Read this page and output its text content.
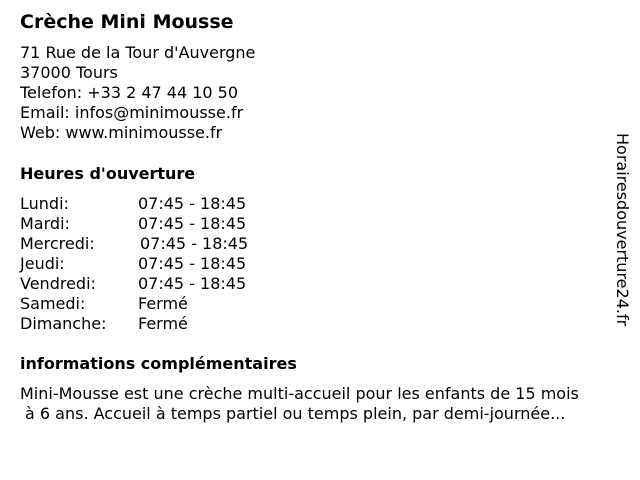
Crèche Mini Mousse
71 Rue de la Tour d'Auvergne
37000 Tours
Telefon: +33 2 47 44 10 50
Email: infos@minimousse.fr
Web: www.minimousse.fr
Heures d'ouverture
Lundi:	07:45 - 18:45
Mardi:	07:45 - 18:45
Mercredi:	07:45 - 18:45
Jeudi:	07:45 - 18:45
Vendredi:	07:45 - 18:45
Samedi:	Fermé
Dimanche: Fermé
informations complémentaires
Mini-Mousse est une crèche multi-accueil pour les enfants de 15 mois
à 6 ans. Accueil à temps partiel ou temps plein, par demi-journée...
Horairesdouverture24.fr
